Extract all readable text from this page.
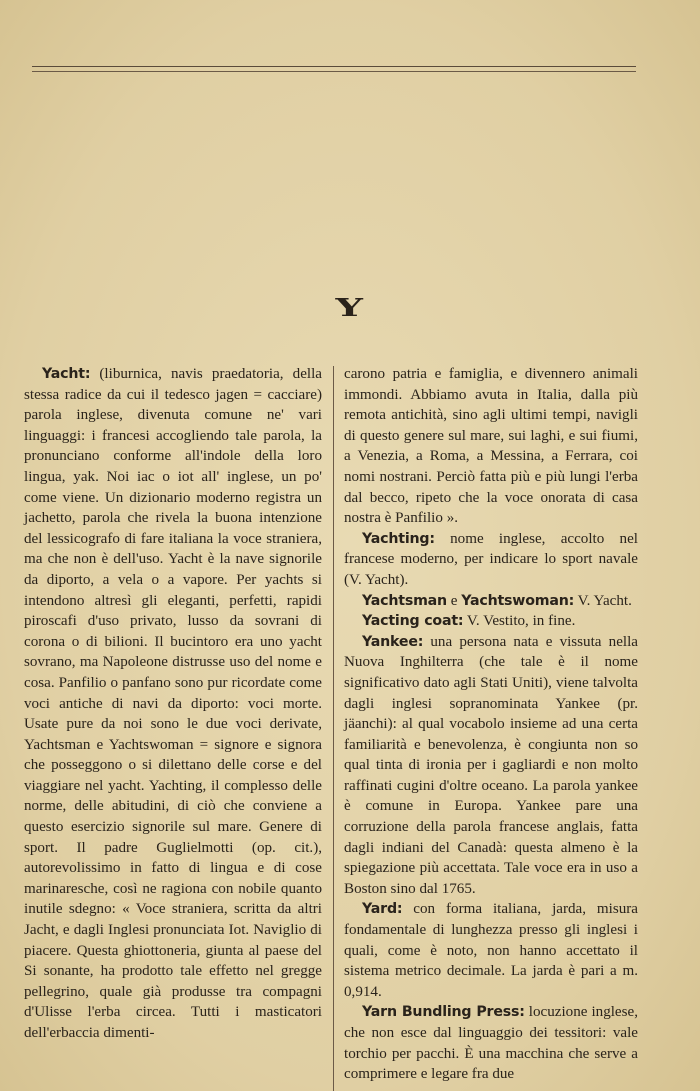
Y

Yacht: (liburnica, navis praedatoria, della stessa radice da cui il tedesco jagen = cacciare) parola inglese, divenuta comune ne' vari linguaggi: i francesi accogliendo tale parola, la pronunciano conforme all'indole della loro lingua, yak. Noi iac o iot all' inglese, un po' come viene. Un dizionario moderno registra un jachetto, parola che rivela la buona intenzione del lessicografo di fare italiana la voce straniera, ma che non è dell'uso. Yacht è la nave signorile da diporto, a vela o a vapore. Per yachts si intendono altresì gli eleganti, perfetti, rapidi piroscafi d'uso privato, lusso da sovrani di corona o di bilioni. Il bucintoro era uno yacht sovrano, ma Napoleone distrusse uso del nome e cosa. Panfilio o panfano sono pur ricordate come voci antiche di navi da diporto: voci morte. Usate pure da noi sono le due voci derivate, Yachtsman e Yachtswoman = signore e signora che posseggono o si dilettano delle corse e del viaggiare nel yacht. Yachting, il complesso delle norme, delle abitudini, di ciò che conviene a questo esercizio signorile sul mare. Genere di sport. Il padre Guglielmotti (op. cit.), autorevolissimo in fatto di lingua e di cose marinaresche, così ne ragiona con nobile quanto inutile sdegno: « Voce straniera, scritta da altri Jacht, e dagli Inglesi pronunciata Iot. Naviglio di piacere. Questa ghiottoneria, giunta al paese del Si sonante, ha prodotto tale effetto nel gregge pellegrino, quale già produsse tra compagni d'Ulisse l'erba circea. Tutti i masticatori dell'erbaccia dimenti-

carono patria e famiglia, e divennero animali immondi. Abbiamo avuta in Italia, dalla più remota antichità, sino agli ultimi tempi, navigli di questo genere sul mare, sui laghi, e sui fiumi, a Venezia, a Roma, a Messina, a Ferrara, coi nomi nostrani. Perciò fatta più e più lungi l'erba dal becco, ripeto che la voce onorata di casa nostra è Panfilio ».

Yachting: nome inglese, accolto nel francese moderno, per indicare lo sport navale (V. Yacht).

Yachtsman e Yachtswoman: V. Yacht.

Yacting coat: V. Vestito, in fine.

Yankee: una persona nata e vissuta nella Nuova Inghilterra (che tale è il nome significativo dato agli Stati Uniti), viene talvolta dagli inglesi sopranominata Yankee (pr. jäanchi): al qual vocabolo insieme ad una certa familiarità e benevolenza, è congiunta non so qual tinta di ironia per i gagliardi e non molto raffinati cugini d'oltre oceano. La parola yankee è comune in Europa. Yankee pare una corruzione della parola francese anglais, fatta dagli indiani del Canadà: questa almeno è la spiegazione più accettata. Tale voce era in uso a Boston sino dal 1765.

Yard: con forma italiana, jarda, misura fondamentale di lunghezza presso gli inglesi i quali, come è noto, non hanno accettato il sistema metrico decimale. La jarda è pari a m. 0,914.

Yarn Bundling Press: locuzione inglese, che non esce dal linguaggio dei tessitori: vale torchio per pacchi. È una macchina che serve a comprimere e legare fra due
